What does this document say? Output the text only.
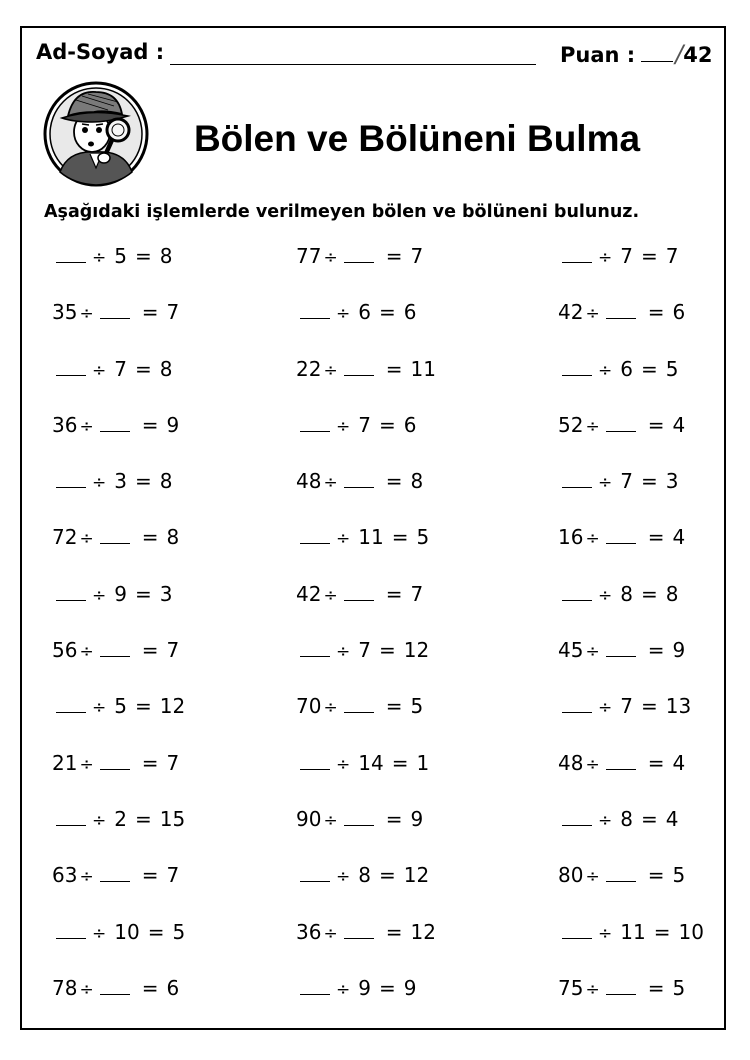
Ad-Soyad :	Puan : /42
Bölen ve Bölüneni Bulma
Aşağıdaki işlemlerde verilmeyen bölen ve bölüneni bulunuz.
÷ 5 = 8	77 ÷ = 7	÷ 7 = 7
35 ÷ = 7	÷ 6 = 6	42 ÷ = 6
÷ 7 = 8	22 ÷ = 11	÷ 6 = 5
36 ÷ = 9	÷ 7 = 6	52 ÷ = 4
÷ 3 = 8	48 ÷ = 8	÷ 7 = 3
72 ÷ = 8	÷ 11 = 5	16 ÷ = 4
÷ 9 = 3	42 ÷ = 7	÷ 8 = 8
56 ÷ = 7	÷ 7 = 12	45 ÷ = 9
÷ 5 = 12	70 ÷ = 5	÷ 7 = 13
21 ÷ = 7	÷ 14 = 1	48 ÷ = 4
÷ 2 = 15	90 ÷ = 9	÷ 8 = 4
63 ÷ = 7	÷ 8 = 12	80 ÷ = 5
÷ 10 = 5	36 ÷ = 12	÷ 11 = 10
78 ÷ = 6	÷ 9 = 9	75 ÷ = 5
